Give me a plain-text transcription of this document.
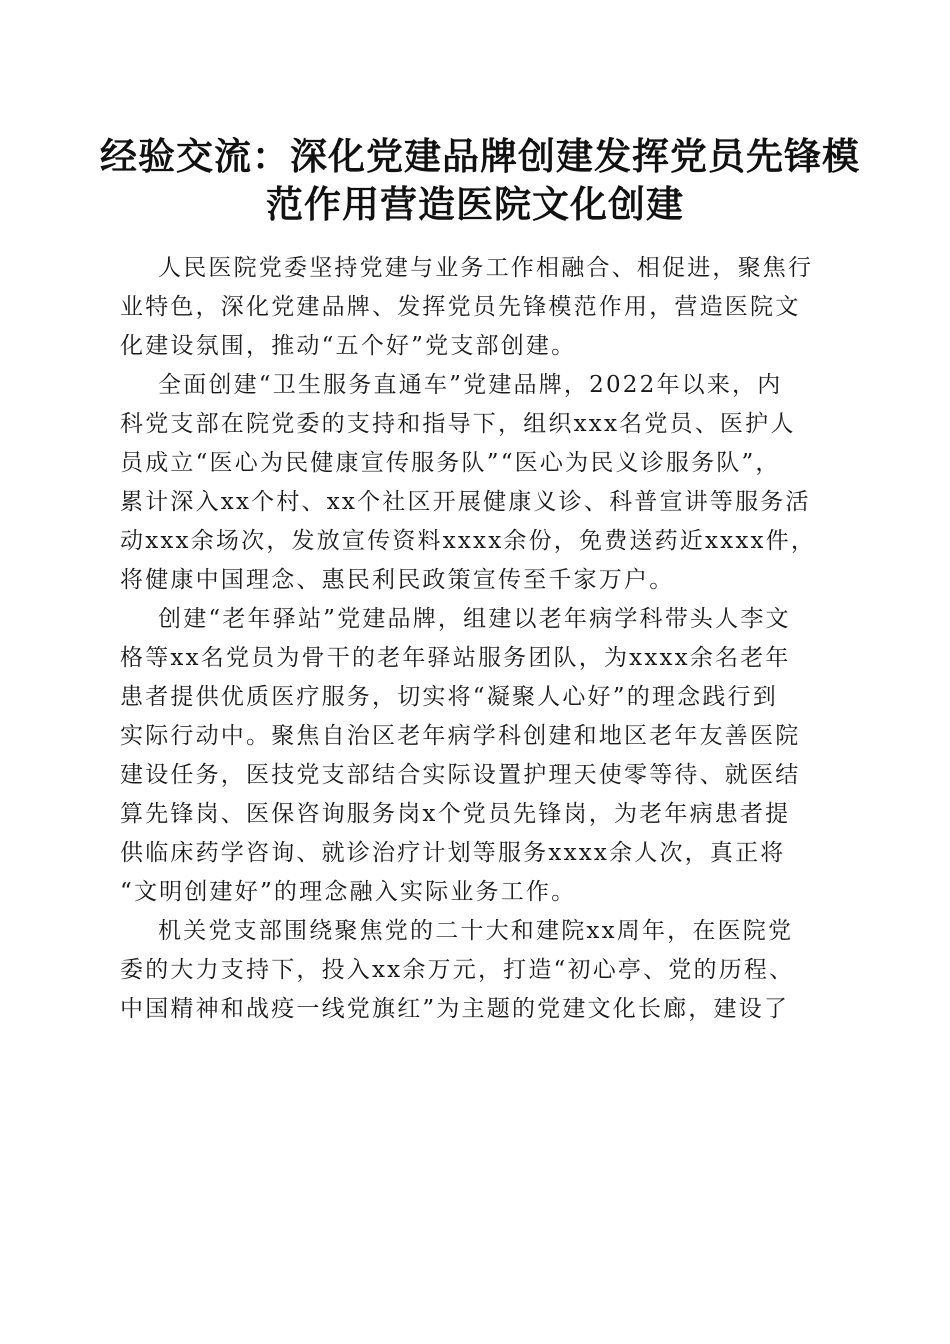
经验交流：深化党建品牌创建发挥党员先锋模
范作用营造医院文化创建

人民医院党委坚持党建与业务工作相融合、相促进，聚焦行
业特色，深化党建品牌、发挥党员先锋模范作用，营造医院文
化建设氛围，推动“五个好”党支部创建。

全面创建“卫生服务直通车”党建品牌，2022年以来，内
科党支部在院党委的支持和指导下，组织xxx名党员、医护人
员成立“医心为民健康宣传服务队”“医心为民义诊服务队”，
累计深入xx个村、xx个社区开展健康义诊、科普宣讲等服务活
动xxx余场次，发放宣传资料xxxx余份，免费送药近xxxx件，
将健康中国理念、惠民利民政策宣传至千家万户。

创建“老年驿站”党建品牌，组建以老年病学科带头人李文
格等xx名党员为骨干的老年驿站服务团队，为xxxx余名老年
患者提供优质医疗服务，切实将“凝聚人心好”的理念践行到
实际行动中。聚焦自治区老年病学科创建和地区老年友善医院
建设任务，医技党支部结合实际设置护理天使零等待、就医结
算先锋岗、医保咨询服务岗x个党员先锋岗，为老年病患者提
供临床药学咨询、就诊治疗计划等服务xxxx余人次，真正将
“文明创建好”的理念融入实际业务工作。

机关党支部围绕聚焦党的二十大和建院xx周年，在医院党
委的大力支持下，投入xx余万元，打造“初心亭、党的历程、
中国精神和战疫一线党旗红”为主题的党建文化长廊，建设了
